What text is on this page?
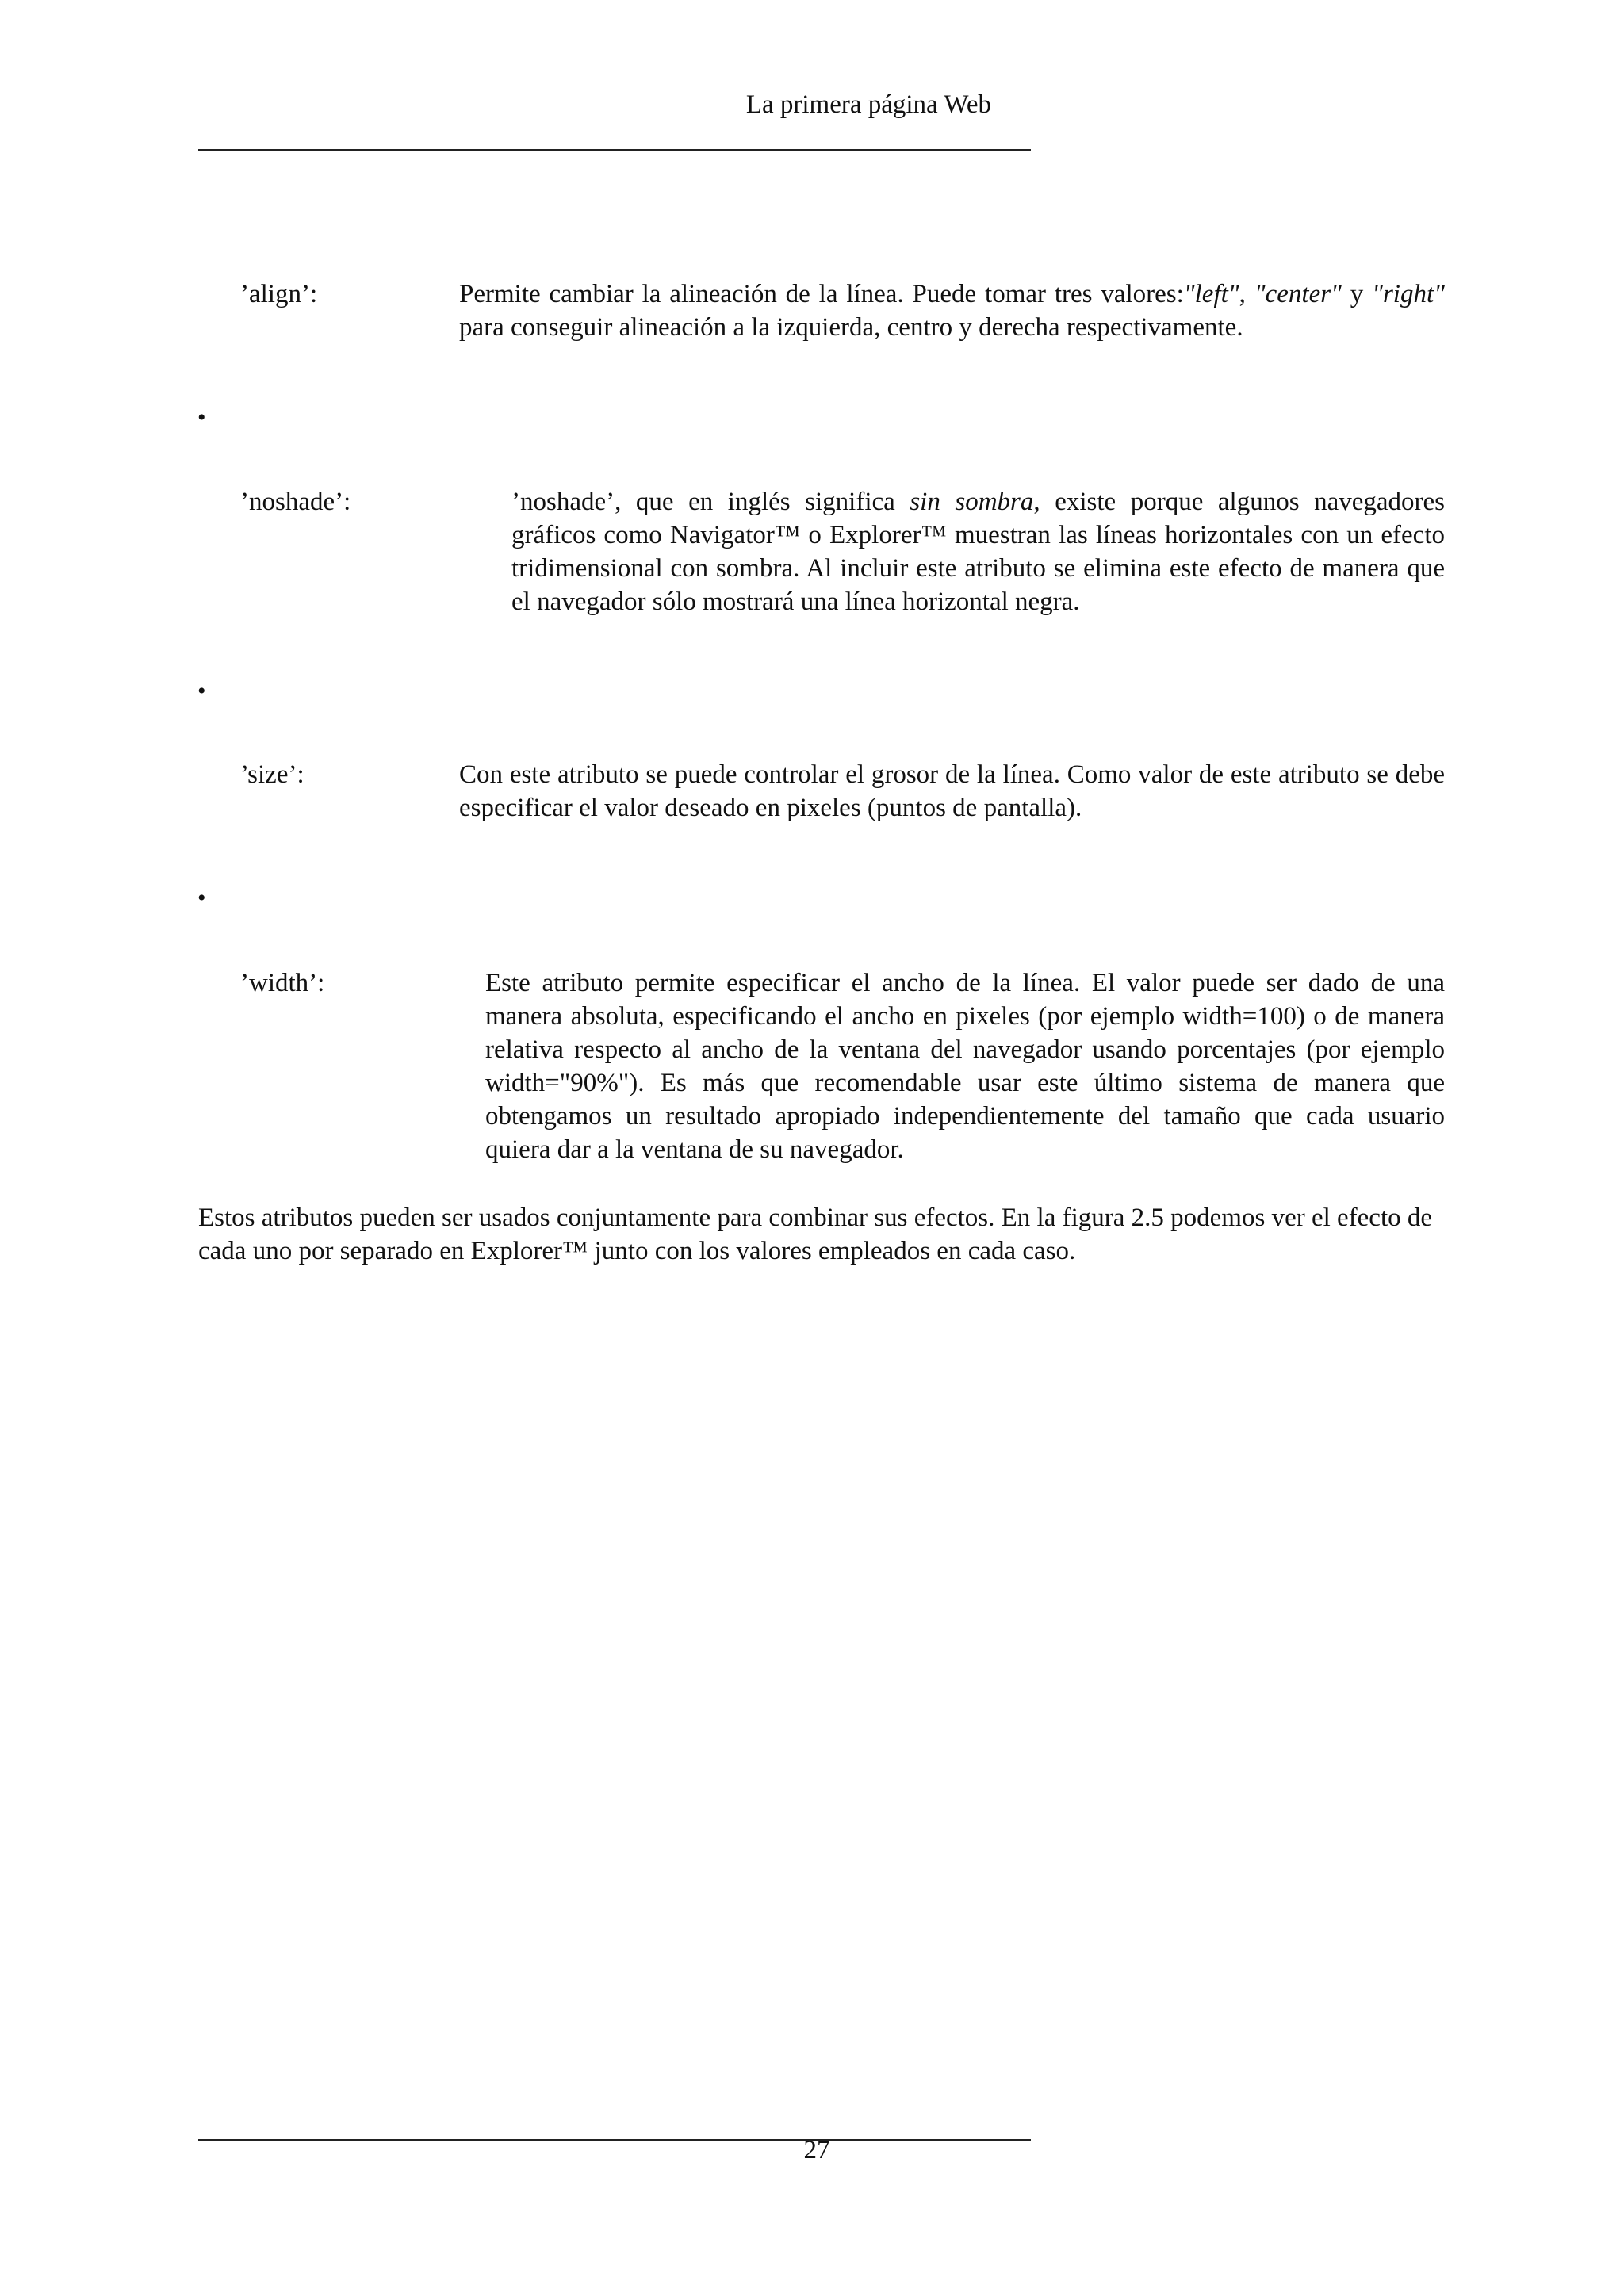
La primera página Web
’align’:	Permite cambiar la alineación de la línea. Puede tomar tres valores:"left", "center" y "right" para conseguir alineación a la izquierda, centro y derecha respectivamente.
•
’noshade’:	’noshade’, que en inglés significa sin sombra, existe porque algunos navegadores gráficos como Navigator™ o Explorer™ muestran las líneas horizontales con un efecto tridimensional con sombra. Al incluir este atributo se elimina este efecto de manera que el navegador sólo mostrará una línea horizontal negra.
•
’size’:	Con este atributo se puede controlar el grosor de la línea. Como valor de este atributo se debe especificar el valor deseado en pixeles (puntos de pantalla).
•
’width’:	Este atributo permite especificar el ancho de la línea. El valor puede ser dado de una manera absoluta, especificando el ancho en pixeles (por ejemplo width=100) o de manera relativa respecto al ancho de la ventana del navegador usando porcentajes (por ejemplo width="90%"). Es más que recomendable usar este último sistema de manera que obtengamos un resultado apropiado independientemente del tamaño que cada usuario quiera dar a la ventana de su navegador.
Estos atributos pueden ser usados conjuntamente para combinar sus efectos. En la figura 2.5 podemos ver el efecto de cada uno por separado en Explorer™ junto con los valores empleados en cada caso.
27
